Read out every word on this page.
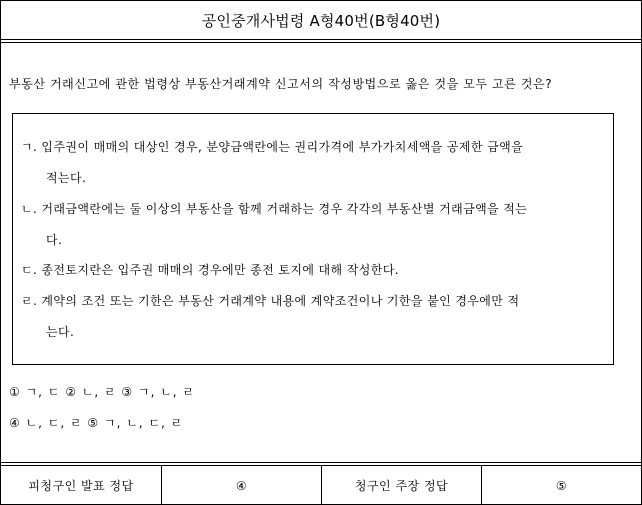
공인중개사법령 A형40번(B형40번)
부동산 거래신고에 관한 법령상 부동산거래계약 신고서의 작성방법으로 옳은 것을 모두 고른 것은?
ㄱ. 입주권이 매매의 대상인 경우, 분양금액란에는 권리가격에 부가가치세액을 공제한 금액을
적는다.
ㄴ. 거래금액란에는 둘 이상의 부동산을 함께 거래하는 경우 각각의 부동산별 거래금액을 적는
다.
ㄷ. 종전토지란은 입주권 매매의 경우에만 종전 토지에 대해 작성한다.
ㄹ. 계약의 조건 또는 기한은 부동산 거래계약 내용에 계약조건이나 기한을 붙인 경우에만 적
는다.
① ㄱ, ㄷ ② ㄴ, ㄹ ③ ㄱ, ㄴ, ㄹ
④ ㄴ, ㄷ, ㄹ ⑤ ㄱ, ㄴ, ㄷ, ㄹ
피청구인 발표 정답	④	청구인 주장 정답	⑤
